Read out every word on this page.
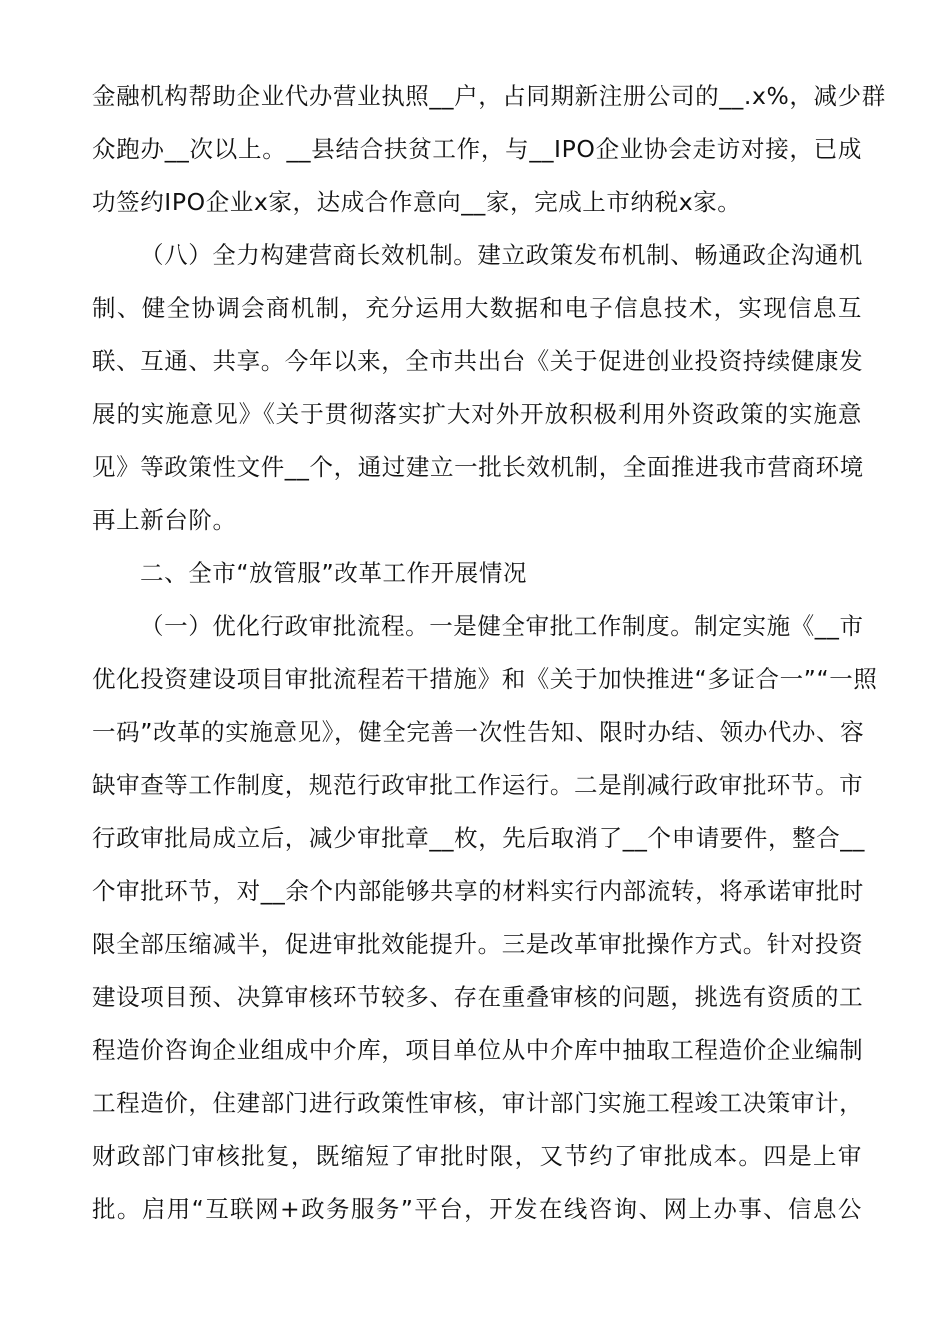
金融机构帮助企业代办营业执照__户，占同期新注册公司的__.x%，减少群
众跑办__次以上。__县结合扶贫工作，与__IPO企业协会走访对接，已成
功签约IPO企业x家，达成合作意向__家，完成上市纳税x家。
（八）全力构建营商长效机制。建立政策发布机制、畅通政企沟通机
制、健全协调会商机制，充分运用大数据和电子信息技术，实现信息互
联、互通、共享。今年以来，全市共出台《关于促进创业投资持续健康发
展的实施意见》《关于贯彻落实扩大对外开放积极利用外资政策的实施意
见》等政策性文件__个，通过建立一批长效机制，全面推进我市营商环境
再上新台阶。
二、全市“放管服”改革工作开展情况
（一）优化行政审批流程。一是健全审批工作制度。制定实施《__市
优化投资建设项目审批流程若干措施》和《关于加快推进“多证合一”“一照
一码”改革的实施意见》，健全完善一次性告知、限时办结、领办代办、容
缺审查等工作制度，规范行政审批工作运行。二是削减行政审批环节。市
行政审批局成立后，减少审批章__枚，先后取消了__个申请要件，整合__
个审批环节，对__余个内部能够共享的材料实行内部流转，将承诺审批时
限全部压缩减半，促进审批效能提升。三是改革审批操作方式。针对投资
建设项目预、决算审核环节较多、存在重叠审核的问题，挑选有资质的工
程造价咨询企业组成中介库，项目单位从中介库中抽取工程造价企业编制
工程造价，住建部门进行政策性审核，审计部门实施工程竣工决策审计，
财政部门审核批复，既缩短了审批时限，又节约了审批成本。四是上审
批。启用“互联网+政务服务”平台，开发在线咨询、网上办事、信息公
